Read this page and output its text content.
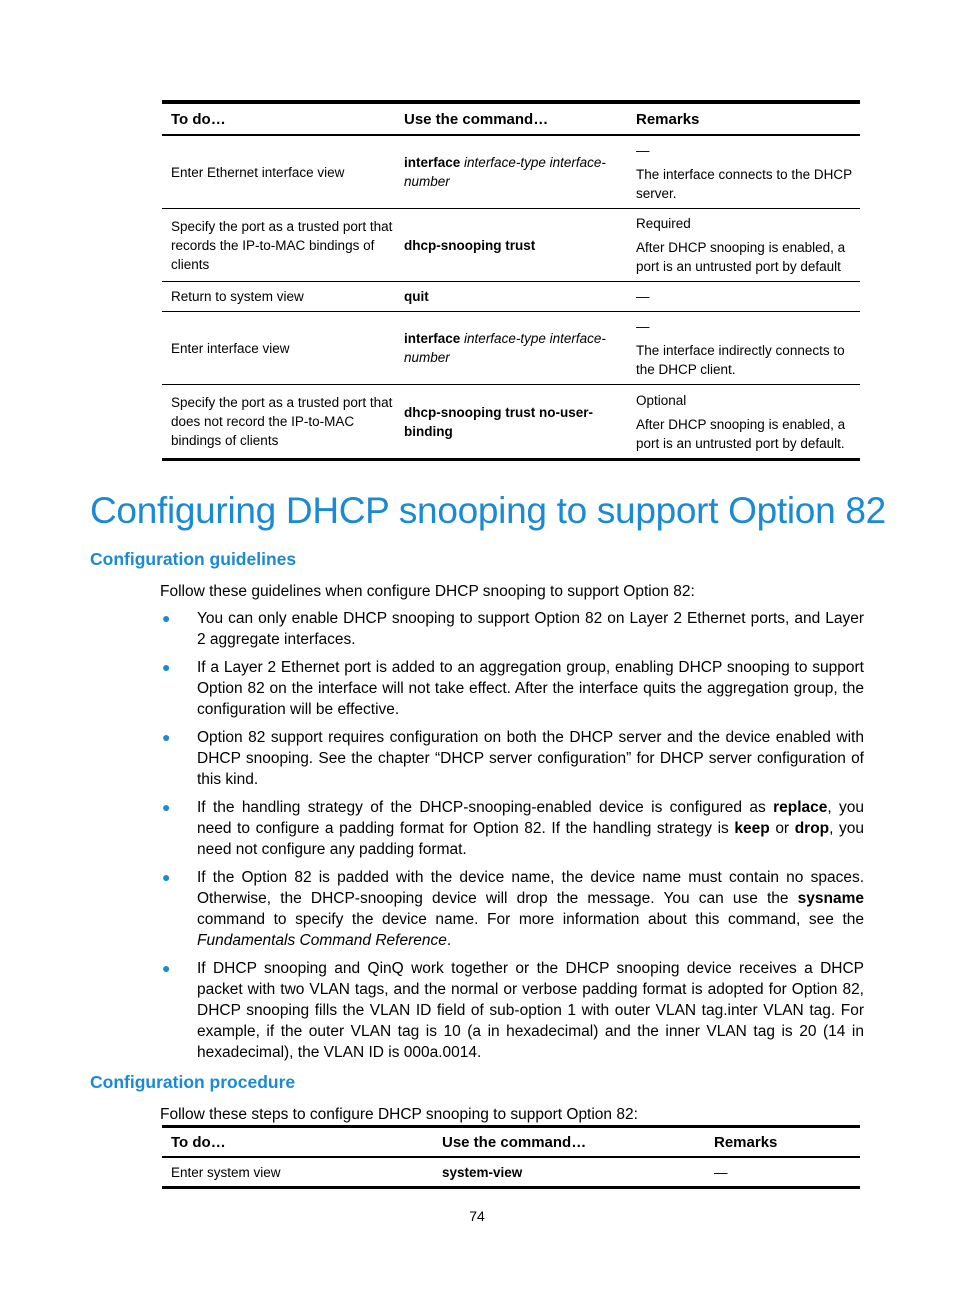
To do…	Use the command…	Remarks
Enter Ethernet interface view	interface interface-type interface-number	—

The interface connects to the DHCP server.

Specify the port as a trusted port that records the IP-to-MAC bindings of clients	dhcp-snooping trust	Required

After DHCP snooping is enabled, a port is an untrusted port by default

Return to system view	quit	—

Enter interface view	interface interface-type interface-number	—

The interface indirectly connects to the DHCP client.

Specify the port as a trusted port that does not record the IP-to-MAC bindings of clients	dhcp-snooping trust no-user-binding	Optional

After DHCP snooping is enabled, a port is an untrusted port by default.

Configuring DHCP snooping to support Option 82
Configuration guidelines
Follow these guidelines when configure DHCP snooping to support Option 82:
● You can only enable DHCP snooping to support Option 82 on Layer 2 Ethernet ports, and Layer 2 aggregate interfaces.
● If a Layer 2 Ethernet port is added to an aggregation group, enabling DHCP snooping to support Option 82 on the interface will not take effect. After the interface quits the aggregation group, the configuration will be effective.
● Option 82 support requires configuration on both the DHCP server and the device enabled with DHCP snooping. See the chapter “DHCP server configuration” for DHCP server configuration of this kind.
● If the handling strategy of the DHCP-snooping-enabled device is configured as replace, you need to configure a padding format for Option 82. If the handling strategy is keep or drop, you need not configure any padding format.
● If the Option 82 is padded with the device name, the device name must contain no spaces. Otherwise, the DHCP-snooping device will drop the message. You can use the sysname command to specify the device name. For more information about this command, see the Fundamentals Command Reference.
● If DHCP snooping and QinQ work together or the DHCP snooping device receives a DHCP packet with two VLAN tags, and the normal or verbose padding format is adopted for Option 82, DHCP snooping fills the VLAN ID field of sub-option 1 with outer VLAN tag.inter VLAN tag. For example, if the outer VLAN tag is 10 (a in hexadecimal) and the inner VLAN tag is 20 (14 in hexadecimal), the VLAN ID is 000a.0014.
Configuration procedure
Follow these steps to configure DHCP snooping to support Option 82:
To do…	Use the command…	Remarks
Enter system view	system-view	—
74
